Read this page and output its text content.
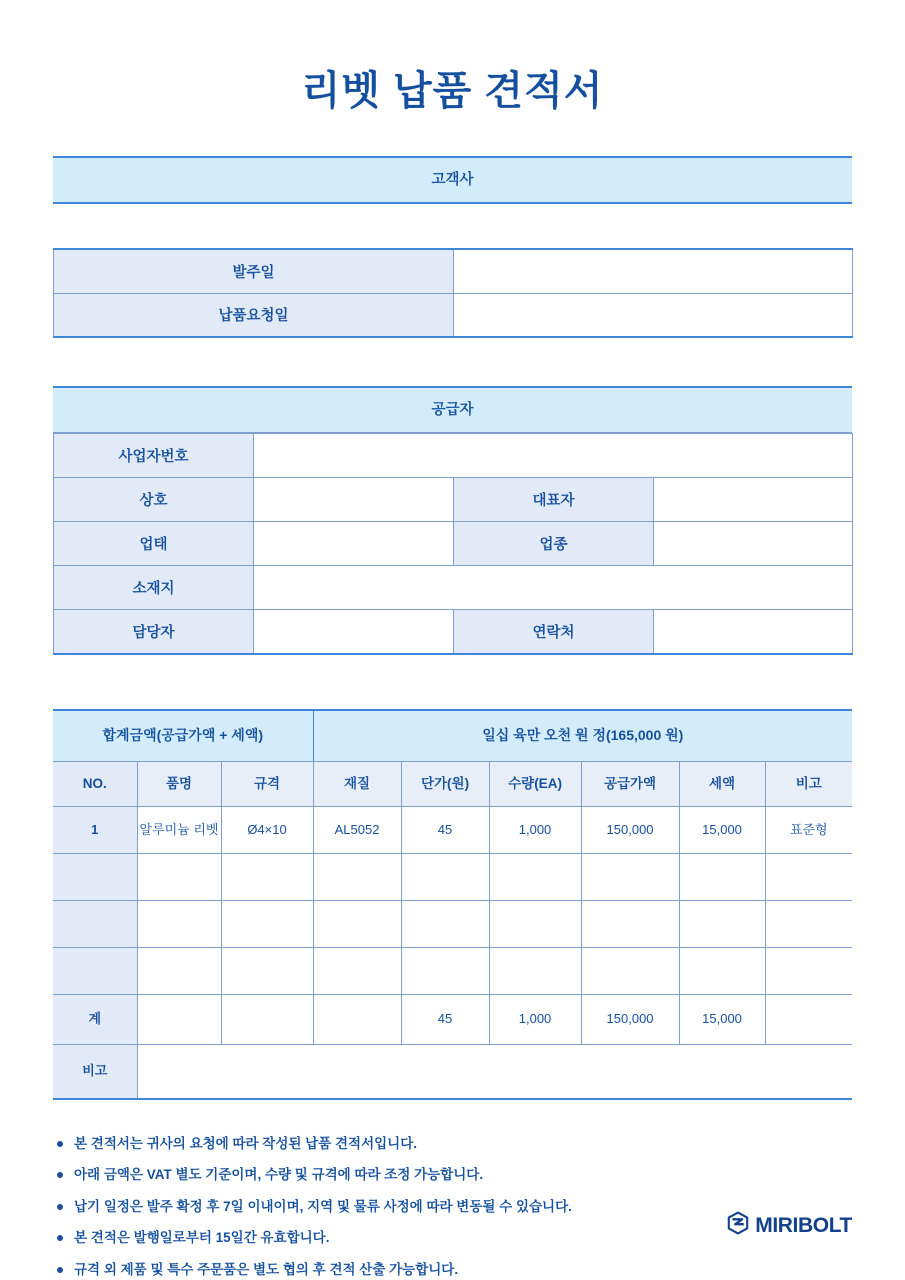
리벳 납품 견적서
고객사
발주일	
납품요청일	
공급자
사업자번호			
상호		대표자	
업태		업종	
소재지			
담당자		연락처	
합계금액(공급가액 + 세액)			일십 육만 오천 원 정(165,000 원)					
NO.	품명	규격	재질	단가(원)	수량(EA)	공급가액	세액	비고
1	알루미늄 리벳	Ø4×10	AL5052	45	1,000	150,000	15,000	표준형

계				45	1,000	150,000	15,000	
비고								
본 견적서는 귀사의 요청에 따라 작성된 납품 견적서입니다.
아래 금액은 VAT 별도 기준이며, 수량 및 규격에 따라 조정 가능합니다.
납기 일정은 발주 확정 후 7일 이내이며, 지역 및 물류 사정에 따라 변동될 수 있습니다.
본 견적은 발행일로부터 15일간 유효합니다.
규격 외 제품 및 특수 주문품은 별도 협의 후 견적 산출 가능합니다.
MIRIBOLT
